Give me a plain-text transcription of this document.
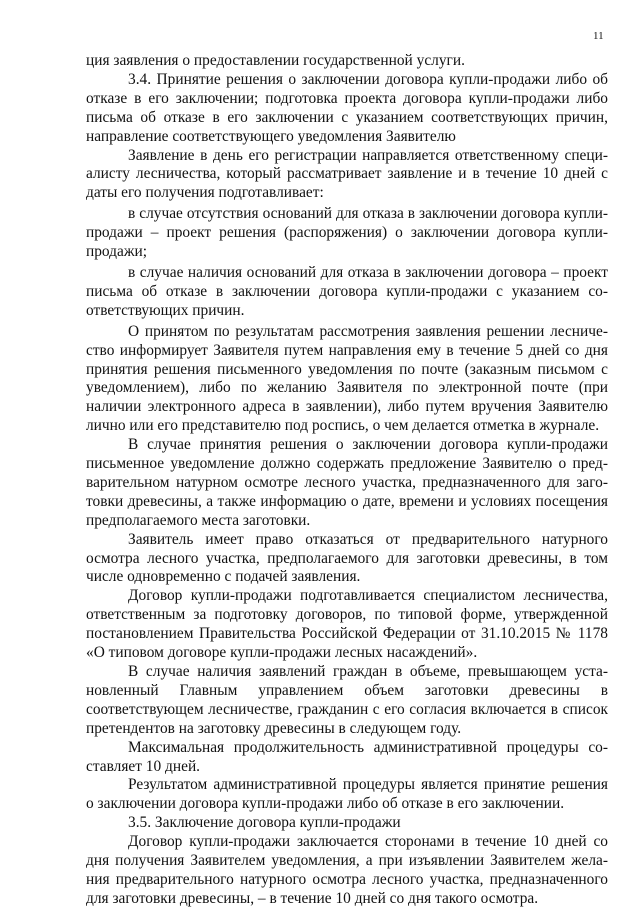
11

ция заявления о предоставлении государственной услуги.

3.4. Принятие решения о заключении договора купли-продажи либо об отказе в его заключении; подготовка проекта договора купли-продажи либо письма об отказе в его заключении с указанием соответствующих причин, направление соответствующего уведомления Заявителю

Заявление в день его регистрации направляется ответственному специалисту лесничества, который рассматривает заявление и в течение 10 дней с даты его получения подготавливает:

в случае отсутствия оснований для отказа в заключении договора купли-продажи – проект решения (распоряжения) о заключении договора купли-продажи;

в случае наличия оснований для отказа в заключении договора – проект письма об отказе в заключении договора купли-продажи с указанием соответствующих причин.

О принятом по результатам рассмотрения заявления решении лесничество информирует Заявителя путем направления ему в течение 5 дней со дня принятия решения письменного уведомления по почте (заказным письмом с уведомлением), либо по желанию Заявителя по электронной почте (при наличии электронного адреса в заявлении), либо путем вручения Заявителю лично или его представителю под роспись, о чем делается отметка в журнале.

В случае принятия решения о заключении договора купли-продажи письменное уведомление должно содержать предложение Заявителю о предварительном натурном осмотре лесного участка, предназначенного для заготовки древесины, а также информацию о дате, времени и условиях посещения предполагаемого места заготовки.

Заявитель имеет право отказаться от предварительного натурного осмотра лесного участка, предполагаемого для заготовки древесины, в том числе одновременно с подачей заявления.

Договор купли-продажи подготавливается специалистом лесничества, ответственным за подготовку договоров, по типовой форме, утвержденной постановлением Правительства Российской Федерации от 31.10.2015 № 1178 «О типовом договоре купли-продажи лесных насаждений».

В случае наличия заявлений граждан в объеме, превышающем установленный Главным управлением объем заготовки древесины в соответствующем лесничестве, гражданин с его согласия включается в список претендентов на заготовку древесины в следующем году.

Максимальная продолжительность административной процедуры составляет 10 дней.

Результатом административной процедуры является принятие решения о заключении договора купли-продажи либо об отказе в его заключении.

3.5. Заключение договора купли-продажи

Договор купли-продажи заключается сторонами в течение 10 дней со дня получения Заявителем уведомления, а при изъявлении Заявителем желания предварительного натурного осмотра лесного участка, предназначенного для заготовки древесины, – в течение 10 дней со дня такого осмотра.
